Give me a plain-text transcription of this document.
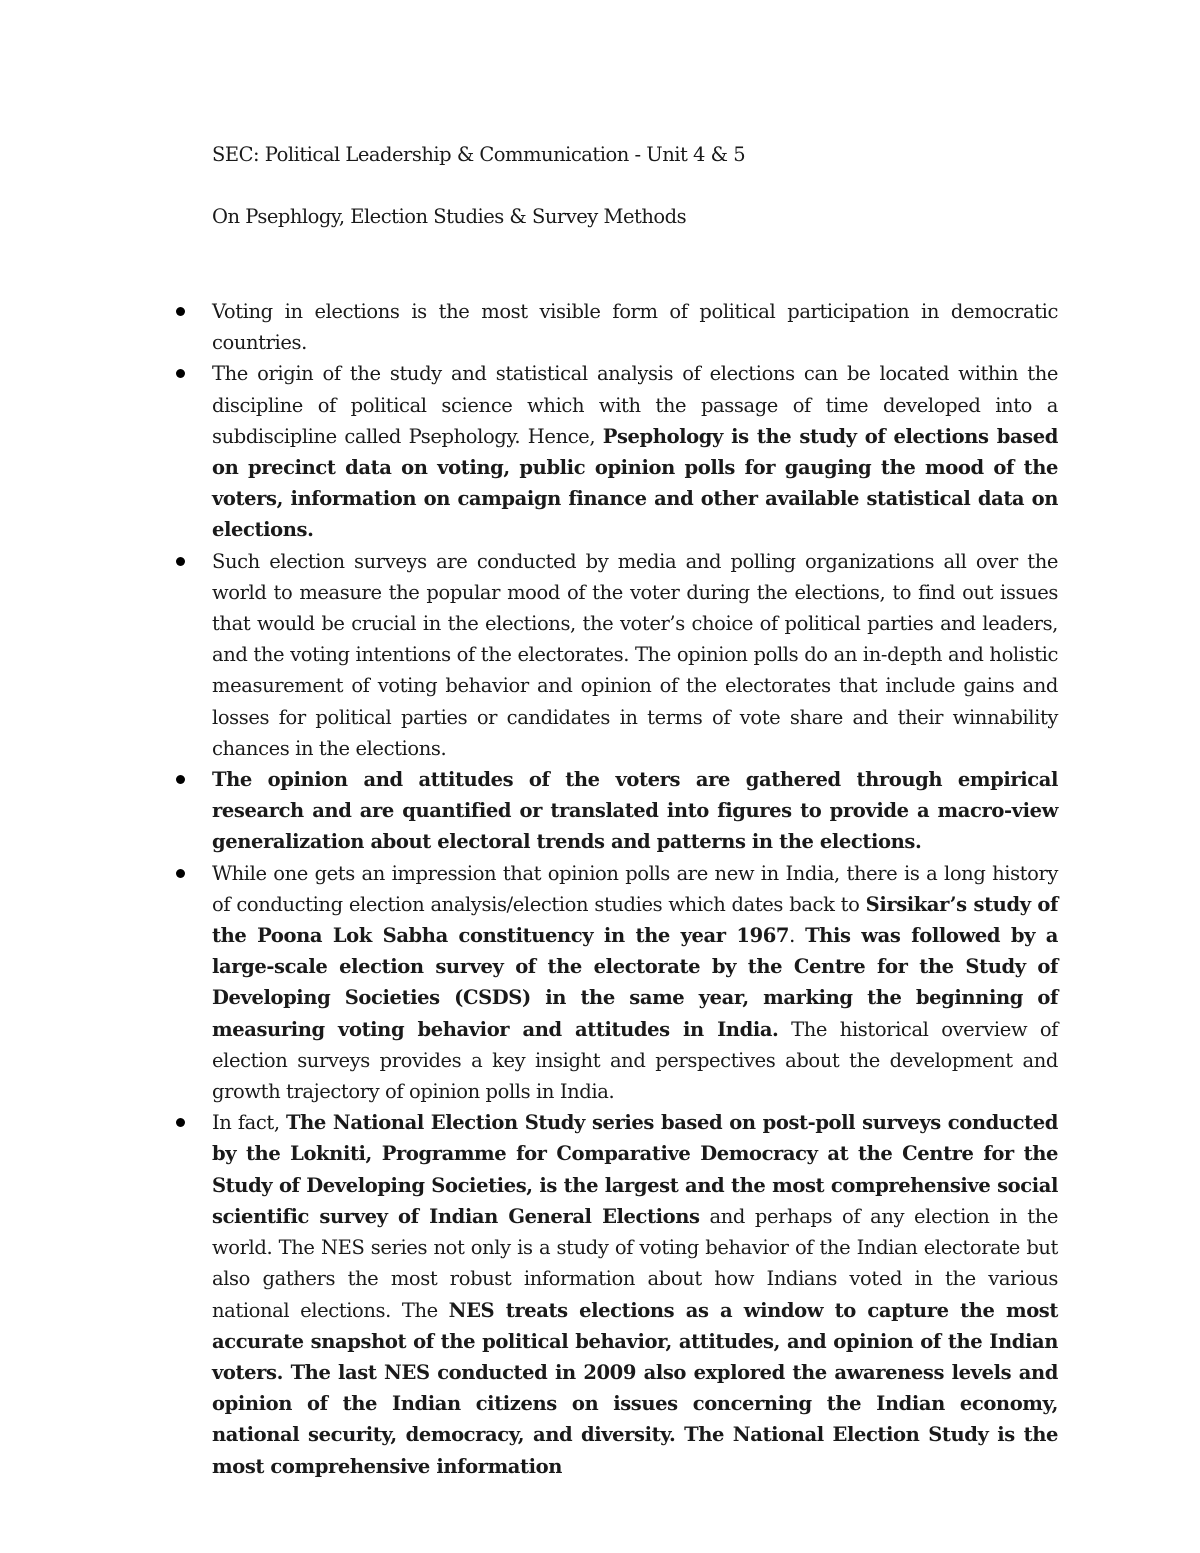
SEC: Political Leadership & Communication - Unit 4 & 5
On Psephlogy, Election Studies & Survey Methods
Voting in elections is the most visible form of political participation in democratic countries.
The origin of the study and statistical analysis of elections can be located within the discipline of political science which with the passage of time developed into a subdiscipline called Psephology. Hence, Psephology is the study of elections based on precinct data on voting, public opinion polls for gauging the mood of the voters, information on campaign finance and other available statistical data on elections.
Such election surveys are conducted by media and polling organizations all over the world to measure the popular mood of the voter during the elections, to find out issues that would be crucial in the elections, the voter’s choice of political parties and leaders, and the voting intentions of the electorates. The opinion polls do an in-depth and holistic measurement of voting behavior and opinion of the electorates that include gains and losses for political parties or candidates in terms of vote share and their winnability chances in the elections.
The opinion and attitudes of the voters are gathered through empirical research and are quantified or translated into figures to provide a macro-view generalization about electoral trends and patterns in the elections.
While one gets an impression that opinion polls are new in India, there is a long history of conducting election analysis/election studies which dates back to Sirsikar’s study of the Poona Lok Sabha constituency in the year 1967. This was followed by a large-scale election survey of the electorate by the Centre for the Study of Developing Societies (CSDS) in the same year, marking the beginning of measuring voting behavior and attitudes in India. The historical overview of election surveys provides a key insight and perspectives about the development and growth trajectory of opinion polls in India.
In fact, The National Election Study series based on post-poll surveys conducted by the Lokniti, Programme for Comparative Democracy at the Centre for the Study of Developing Societies, is the largest and the most comprehensive social scientific survey of Indian General Elections and perhaps of any election in the world. The NES series not only is a study of voting behavior of the Indian electorate but also gathers the most robust information about how Indians voted in the various national elections. The NES treats elections as a window to capture the most accurate snapshot of the political behavior, attitudes, and opinion of the Indian voters. The last NES conducted in 2009 also explored the awareness levels and opinion of the Indian citizens on issues concerning the Indian economy, national security, democracy, and diversity. The National Election Study is the most comprehensive information
